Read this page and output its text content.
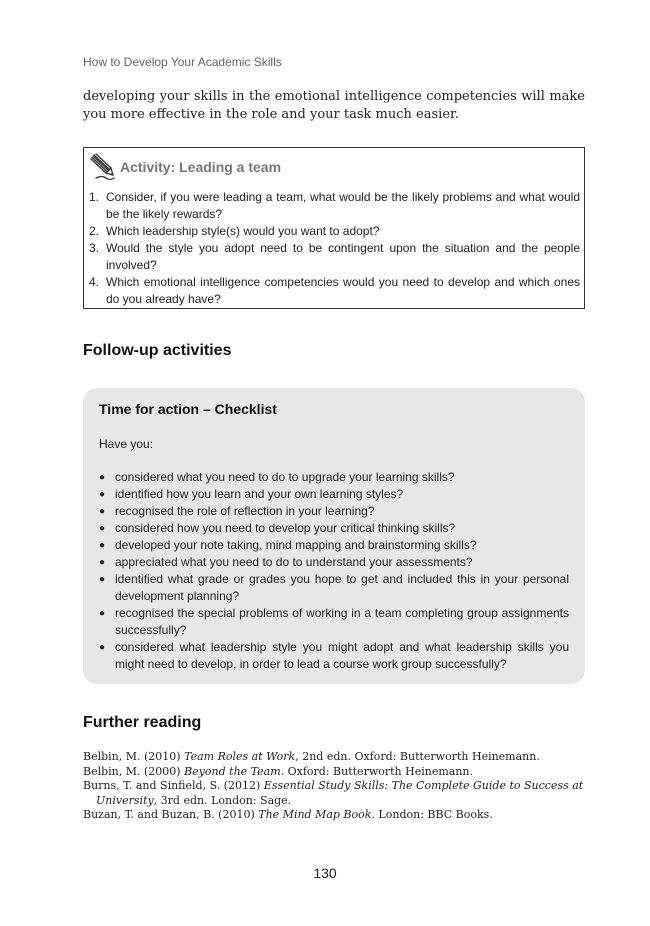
How to Develop Your Academic Skills

developing your skills in the emotional intelligence competencies will make you more effective in the role and your task much easier.

Activity: Leading a team
1. Consider, if you were leading a team, what would be the likely problems and what would be the likely rewards?
2. Which leadership style(s) would you want to adopt?
3. Would the style you adopt need to be contingent upon the situation and the people involved?
4. Which emotional intelligence competencies would you need to develop and which ones do you already have?
Follow-up activities
Time for action – Checklist
Have you:
● considered what you need to do to upgrade your learning skills?
● identified how you learn and your own learning styles?
● recognised the role of reflection in your learning?
● considered how you need to develop your critical thinking skills?
● developed your note taking, mind mapping and brainstorming skills?
● appreciated what you need to do to understand your assessments?
● identified what grade or grades you hope to get and included this in your personal development planning?
● recognised the special problems of working in a team completing group assignments successfully?
● considered what leadership style you might adopt and what leadership skills you might need to develop, in order to lead a course work group successfully?
Further reading
Belbin, M. (2010) Team Roles at Work, 2nd edn. Oxford: Butterworth Heinemann.
Belbin, M. (2000) Beyond the Team. Oxford: Butterworth Heinemann.
Burns, T. and Sinfield, S. (2012) Essential Study Skills: The Complete Guide to Success at University, 3rd edn. London: Sage.
Buzan, T. and Buzan, B. (2010) The Mind Map Book. London: BBC Books.
130
